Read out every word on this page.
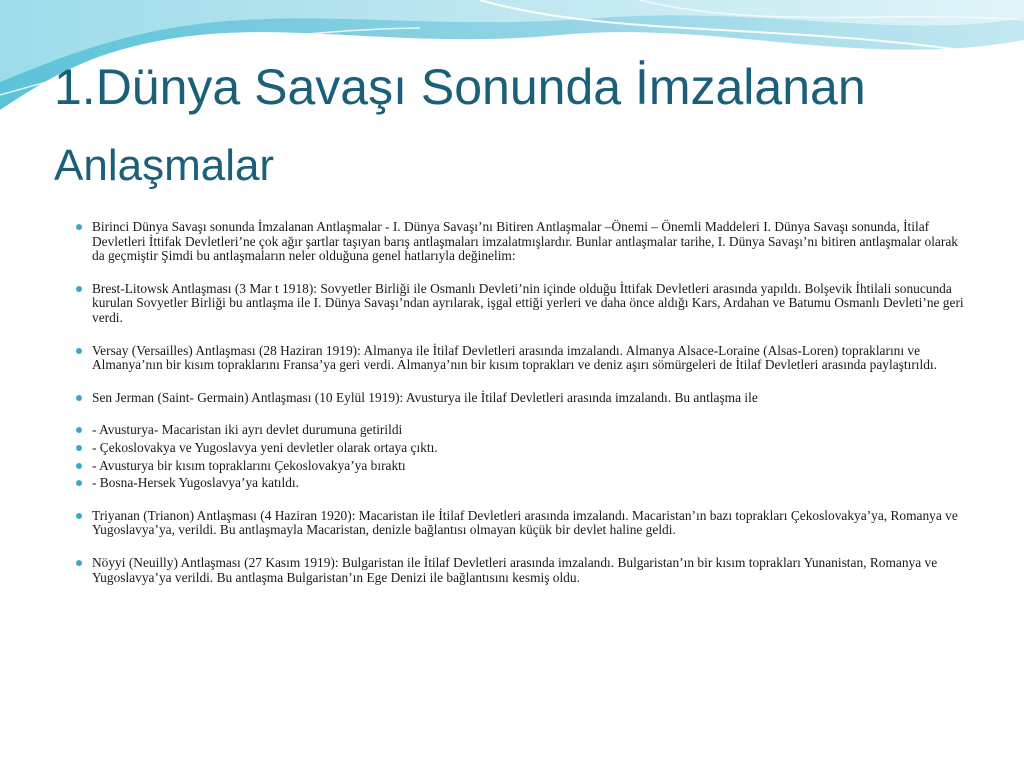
1.Dünya Savaşı Sonunda İmzalanan
Anlaşmalar
Birinci Dünya Savaşı sonunda İmzalanan Antlaşmalar - I. Dünya Savaşı’nı Bitiren Antlaşmalar –Önemi – Önemli Maddeleri I. Dünya Savaşı sonunda, İtilaf Devletleri İttifak Devletleri’ne çok ağır şartlar taşıyan barış antlaşmaları imzalatmışlardır. Bunlar antlaşmalar tarihe, I. Dünya Savaşı’nı bitiren antlaşmalar olarak da geçmiştir Şimdi bu antlaşmaların neler olduğuna genel hatlarıyla değinelim:
Brest-Litowsk Antlaşması (3 Mar t 1918): Sovyetler Birliği ile Osmanlı Devleti’nin içinde olduğu İttifak Devletleri arasında yapıldı. Bolşevik İhtilali sonucunda kurulan Sovyetler Birliği bu antlaşma ile I. Dünya Savaşı’ndan ayrılarak, işgal ettiği yerleri ve daha önce aldığı Kars, Ardahan ve Batumu Osmanlı Devleti’ne geri verdi.
Versay (Versailles) Antlaşması (28 Haziran 1919): Almanya ile İtilaf Devletleri arasında imzalandı. Almanya Alsace-Loraine (Alsas-Loren) topraklarını ve Almanya’nın bir kısım topraklarını Fransa’ya geri verdi. Almanya’nın bir kısım toprakları ve deniz aşırı sömürgeleri de İtilaf Devletleri arasında paylaştırıldı.
Sen Jerman (Saint- Germain) Antlaşması (10 Eylül 1919): Avusturya ile İtilaf Devletleri arasında imzalandı. Bu antlaşma ile
- Avusturya- Macaristan iki ayrı devlet durumuna getirildi
- Çekoslovakya ve Yugoslavya yeni devletler olarak ortaya çıktı.
- Avusturya bir kısım topraklarını Çekoslovakya’ya bıraktı
- Bosna-Hersek Yugoslavya’ya katıldı.
Triyanan (Trianon) Antlaşması (4 Haziran 1920): Macaristan ile İtilaf Devletleri arasında imzalandı. Macaristan’ın bazı toprakları Çekoslovakya’ya, Romanya ve Yugoslavya’ya, verildi. Bu antlaşmayla Macaristan, denizle bağlantısı olmayan küçük bir devlet haline geldi.
Nöyyi (Neuilly) Antlaşması (27 Kasım 1919): Bulgaristan ile İtilaf Devletleri arasında imzalandı. Bulgaristan’ın bir kısım toprakları Yunanistan, Romanya ve Yugoslavya’ya verildi. Bu antlaşma Bulgaristan’ın Ege Denizi ile bağlantısını kesmiş oldu.
